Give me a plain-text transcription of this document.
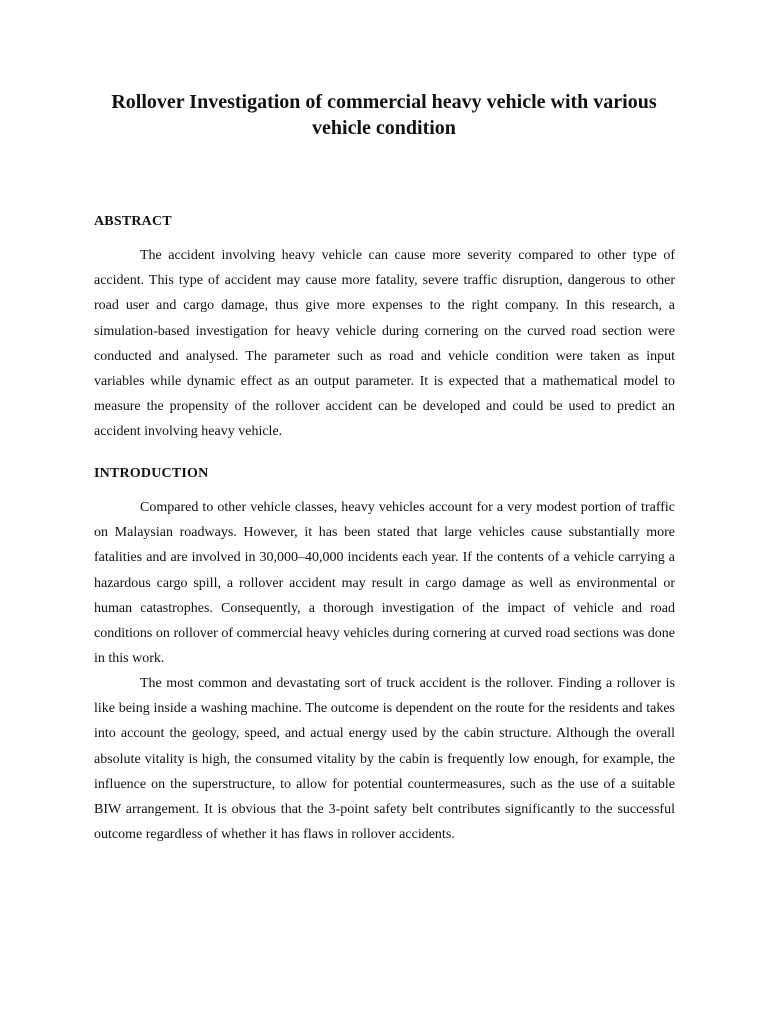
Rollover Investigation of commercial heavy vehicle with various vehicle condition
ABSTRACT

The accident involving heavy vehicle can cause more severity compared to other type of accident. This type of accident may cause more fatality, severe traffic disruption, dangerous to other road user and cargo damage, thus give more expenses to the right company. In this research, a simulation-based investigation for heavy vehicle during cornering on the curved road section were conducted and analysed. The parameter such as road and vehicle condition were taken as input variables while dynamic effect as an output parameter. It is expected that a mathematical model to measure the propensity of the rollover accident can be developed and could be used to predict an accident involving heavy vehicle.

INTRODUCTION

Compared to other vehicle classes, heavy vehicles account for a very modest portion of traffic on Malaysian roadways. However, it has been stated that large vehicles cause substantially more fatalities and are involved in 30,000–40,000 incidents each year. If the contents of a vehicle carrying a hazardous cargo spill, a rollover accident may result in cargo damage as well as environmental or human catastrophes. Consequently, a thorough investigation of the impact of vehicle and road conditions on rollover of commercial heavy vehicles during cornering at curved road sections was done in this work.

The most common and devastating sort of truck accident is the rollover. Finding a rollover is like being inside a washing machine. The outcome is dependent on the route for the residents and takes into account the geology, speed, and actual energy used by the cabin structure. Although the overall absolute vitality is high, the consumed vitality by the cabin is frequently low enough, for example, the influence on the superstructure, to allow for potential countermeasures, such as the use of a suitable BIW arrangement. It is obvious that the 3-point safety belt contributes significantly to the successful outcome regardless of whether it has flaws in rollover accidents.
